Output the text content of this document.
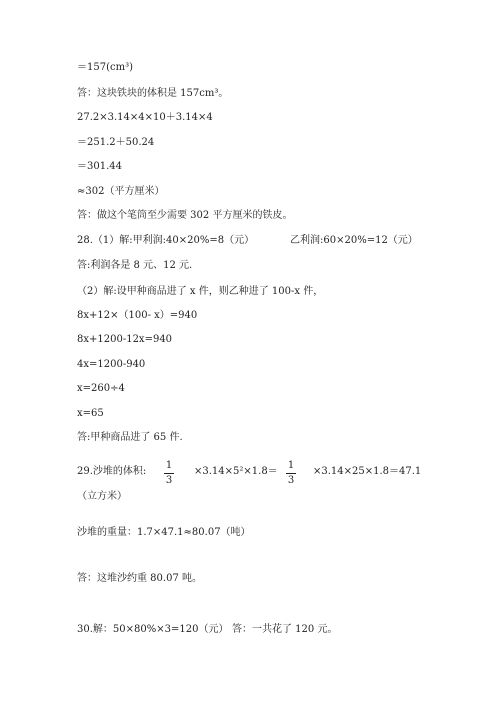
＝157(cm³)
答：这块铁块的体积是 157cm³。
27.2×3.14×4×10＋3.14×4
＝251.2＋50.24
＝301.44
≈302（平方厘米）
答：做这个笔筒至少需要 302 平方厘米的铁皮。
28.（1）解:甲利润:40×20%=8（元）	乙利润:60×20%=12（元）
答:利润各是 8 元、12 元.
（2）解:设甲种商品进了 x 件，则乙种进了 100-x 件，
8x+12×（100- x）=940
8x+1200-12x=940
4x=1200-940
x=260÷4
x=65
答:甲种商品进了 65 件.
29.沙堆的体积:
1
3
×3.14×5²×1.8＝
1
3
×3.14×25×1.8＝47.1
（立方米）
沙堆的重量：1.7×47.1≈80.07（吨）
答：这堆沙约重 80.07 吨。
30.解：50×80%×3=120（元） 答：一共花了 120 元。
